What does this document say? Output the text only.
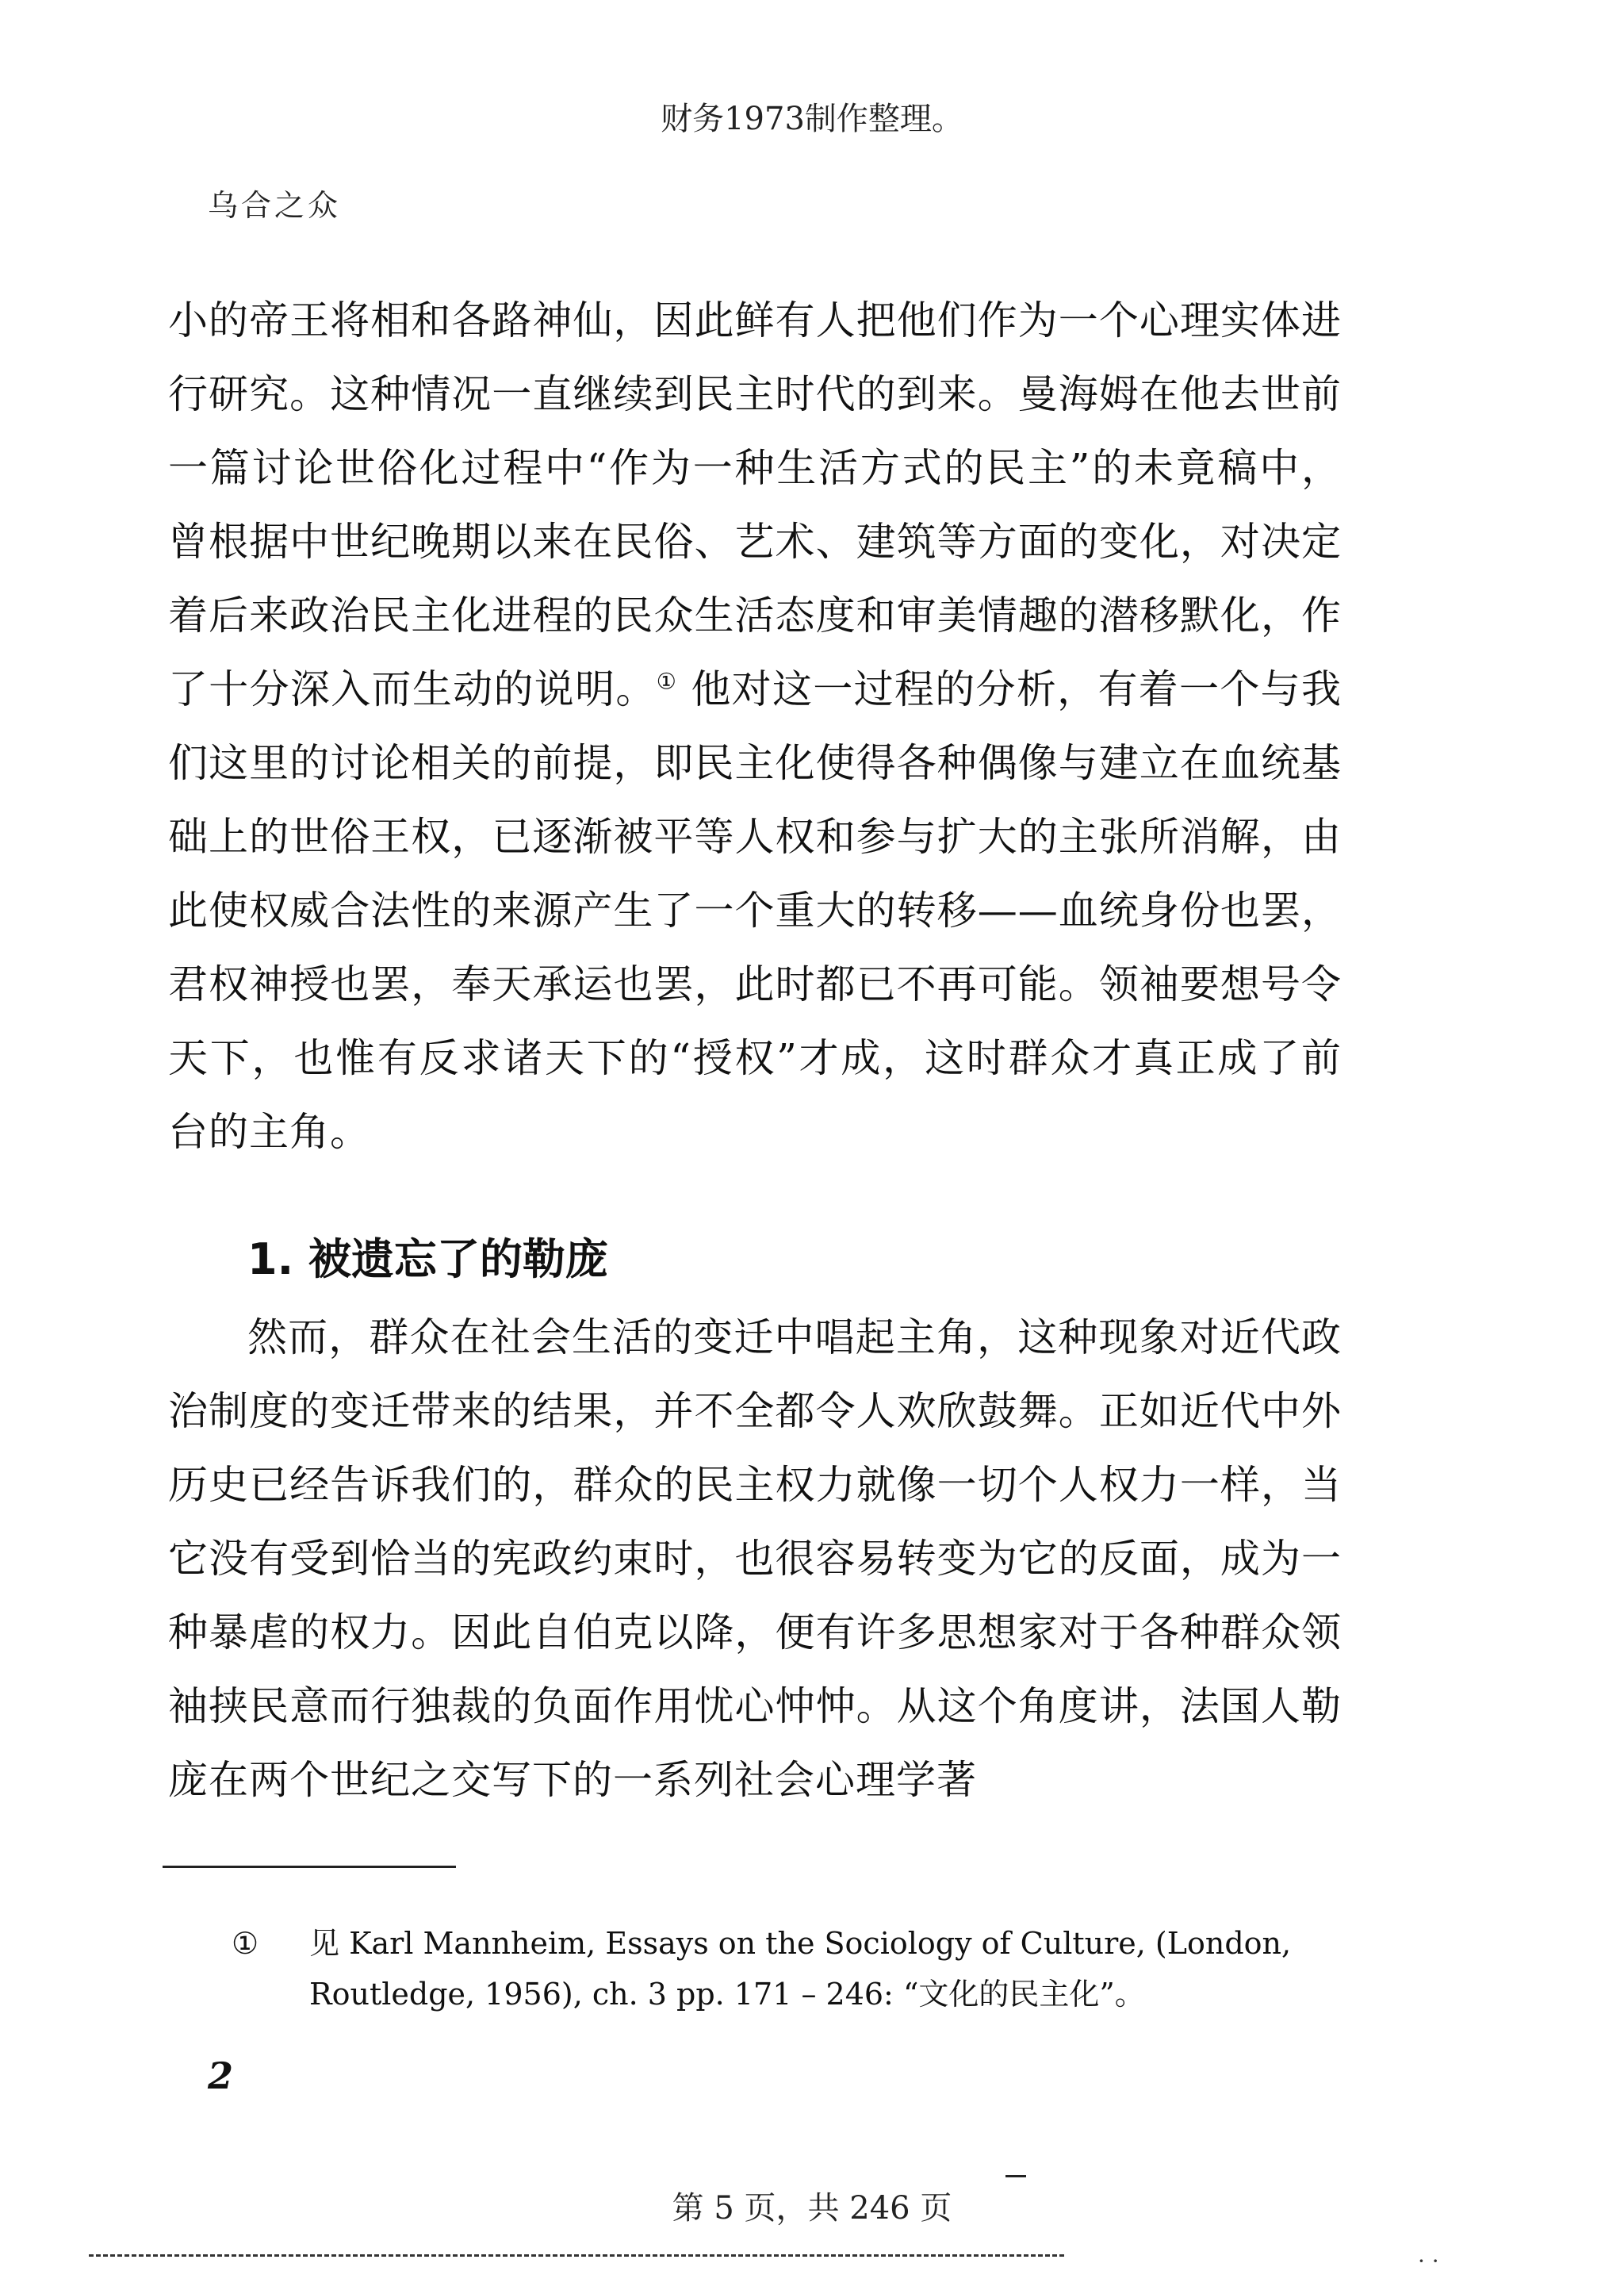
财务1973制作整理。
乌合之众

小的帝王将相和各路神仙，因此鲜有人把他们作为一个心理实体进行研究。这种情况一直继续到民主时代的到来。曼海姆在他去世前一篇讨论世俗化过程中“作为一种生活方式的民主”的未竟稿中，曾根据中世纪晚期以来在民俗、艺术、建筑等方面的变化，对决定着后来政治民主化进程的民众生活态度和审美情趣的潜移默化，作了十分深入而生动的说明。① 他对这一过程的分析，有着一个与我们这里的讨论相关的前提，即民主化使得各种偶像与建立在血统基础上的世俗王权，已逐渐被平等人权和参与扩大的主张所消解，由此使权威合法性的来源产生了一个重大的转移——血统身份也罢，君权神授也罢，奉天承运也罢，此时都已不再可能。领袖要想号令天下，也惟有反求诸天下的“授权”才成，这时群众才真正成了前台的主角。

1. 被遗忘了的勒庞

然而，群众在社会生活的变迁中唱起主角，这种现象对近代政治制度的变迁带来的结果，并不全都令人欢欣鼓舞。正如近代中外历史已经告诉我们的，群众的民主权力就像一切个人权力一样，当它没有受到恰当的宪政约束时，也很容易转变为它的反面，成为一种暴虐的权力。因此自伯克以降，便有许多思想家对于各种群众领袖挟民意而行独裁的负面作用忧心忡忡。从这个角度讲，法国人勒庞在两个世纪之交写下的一系列社会心理学著

① 见 Karl Mannheim, Essays on the Sociology of Culture, (London, Routledge, 1956), ch. 3 pp. 171 – 246: “文化的民主化”。
2
第 5 页，共 246 页
· ·
